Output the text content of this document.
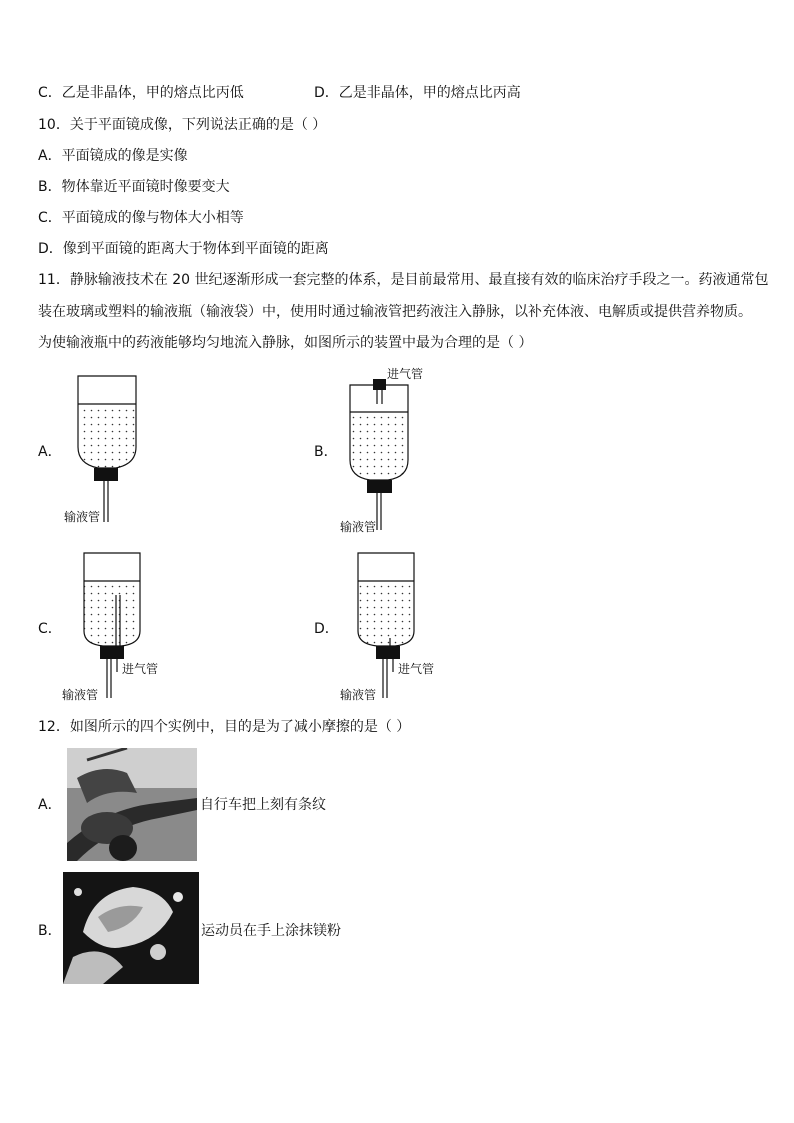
C．乙是非晶体，甲的熔点比丙低	D．乙是非晶体，甲的熔点比丙高
10．关于平面镜成像，下列说法正确的是（ ）
A．平面镜成的像是实像
B．物体靠近平面镜时像要变大
C．平面镜成的像与物体大小相等
D．像到平面镜的距离大于物体到平面镜的距离
11．静脉输液技术在 20 世纪逐渐形成一套完整的体系，是目前最常用、最直接有效的临床治疗手段之一。药液通常包
装在玻璃或塑料的输液瓶（输液袋）中，使用时通过输液管把药液注入静脉，以补充体液、电解质或提供营养物质。
为使输液瓶中的药液能够均匀地流入静脉，如图所示的装置中最为合理的是（ ）
A．
输液管
B．
进气管
输液管
C．
进气管
输液管
D．
进气管
输液管
12．如图所示的四个实例中，目的是为了减小摩擦的是（ ）
A．	自行车把上刻有条纹
B．	运动员在手上涂抹镁粉
